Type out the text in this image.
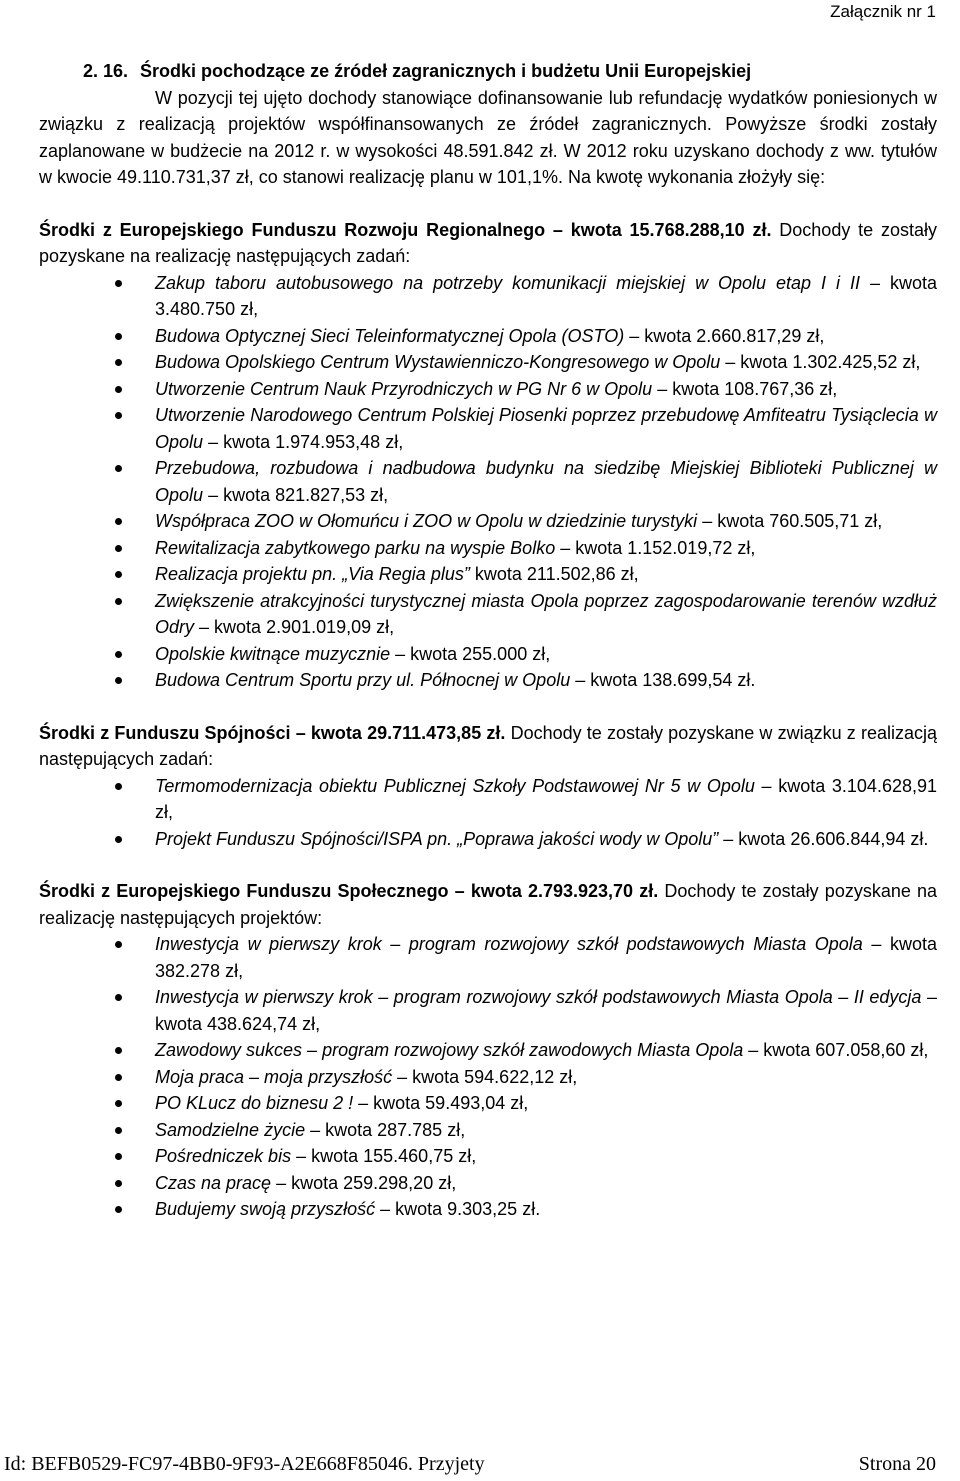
Załącznik nr 1
2. 16. Środki pochodzące ze źródeł zagranicznych i budżetu Unii Europejskiej

W pozycji tej ujęto dochody stanowiące dofinansowanie lub refundację wydatków poniesionych w związku z realizacją projektów współfinansowanych ze źródeł zagranicznych. Powyższe środki zostały zaplanowane w budżecie na 2012 r. w wysokości 48.591.842 zł. W 2012 roku uzyskano dochody z ww. tytułów w kwocie 49.110.731,37 zł, co stanowi realizację planu w 101,1%. Na kwotę wykonania złożyły się:

Środki z Europejskiego Funduszu Rozwoju Regionalnego – kwota 15.768.288,10 zł. Dochody te zostały pozyskane na realizację następujących zadań:

Zakup taboru autobusowego na potrzeby komunikacji miejskiej w Opolu etap I i II – kwota 3.480.750 zł,
Budowa Optycznej Sieci Teleinformatycznej Opola (OSTO) – kwota 2.660.817,29 zł,
Budowa Opolskiego Centrum Wystawienniczo-Kongresowego w Opolu – kwota 1.302.425,52 zł,
Utworzenie Centrum Nauk Przyrodniczych w PG Nr 6 w Opolu – kwota 108.767,36 zł,
Utworzenie Narodowego Centrum Polskiej Piosenki poprzez przebudowę Amfiteatru Tysiąclecia w Opolu – kwota 1.974.953,48 zł,
Przebudowa, rozbudowa i nadbudowa budynku na siedzibę Miejskiej Biblioteki Publicznej w Opolu – kwota 821.827,53 zł,
Współpraca ZOO w Ołomuńcu i ZOO w Opolu w dziedzinie turystyki – kwota 760.505,71 zł,
Rewitalizacja zabytkowego parku na wyspie Bolko – kwota 1.152.019,72 zł,
Realizacja projektu pn. „Via Regia plus” kwota 211.502,86 zł,
Zwiększenie atrakcyjności turystycznej miasta Opola poprzez zagospodarowanie terenów wzdłuż Odry – kwota 2.901.019,09 zł,
Opolskie kwitnące muzycznie – kwota 255.000 zł,
Budowa Centrum Sportu przy ul. Północnej w Opolu – kwota 138.699,54 zł.

Środki z Funduszu Spójności – kwota 29.711.473,85 zł. Dochody te zostały pozyskane w związku z realizacją następujących zadań:

Termomodernizacja obiektu Publicznej Szkoły Podstawowej Nr 5 w Opolu – kwota 3.104.628,91 zł,
Projekt Funduszu Spójności/ISPA pn. „Poprawa jakości wody w Opolu” – kwota 26.606.844,94 zł.

Środki z Europejskiego Funduszu Społecznego – kwota 2.793.923,70 zł. Dochody te zostały pozyskane na realizację następujących projektów:

Inwestycja w pierwszy krok – program rozwojowy szkół podstawowych Miasta Opola – kwota 382.278 zł,
Inwestycja w pierwszy krok – program rozwojowy szkół podstawowych Miasta Opola – II edycja – kwota 438.624,74 zł,
Zawodowy sukces – program rozwojowy szkół zawodowych Miasta Opola – kwota 607.058,60 zł,
Moja praca – moja przyszłość – kwota 594.622,12 zł,
PO KLucz do biznesu 2 ! – kwota 59.493,04 zł,
Samodzielne życie – kwota 287.785 zł,
Pośredniczek bis – kwota 155.460,75 zł,
Czas na pracę – kwota 259.298,20 zł,
Budujemy swoją przyszłość – kwota 9.303,25 zł.
Id: BEFB0529-FC97-4BB0-9F93-A2E668F85046. Przyjety	Strona 20
